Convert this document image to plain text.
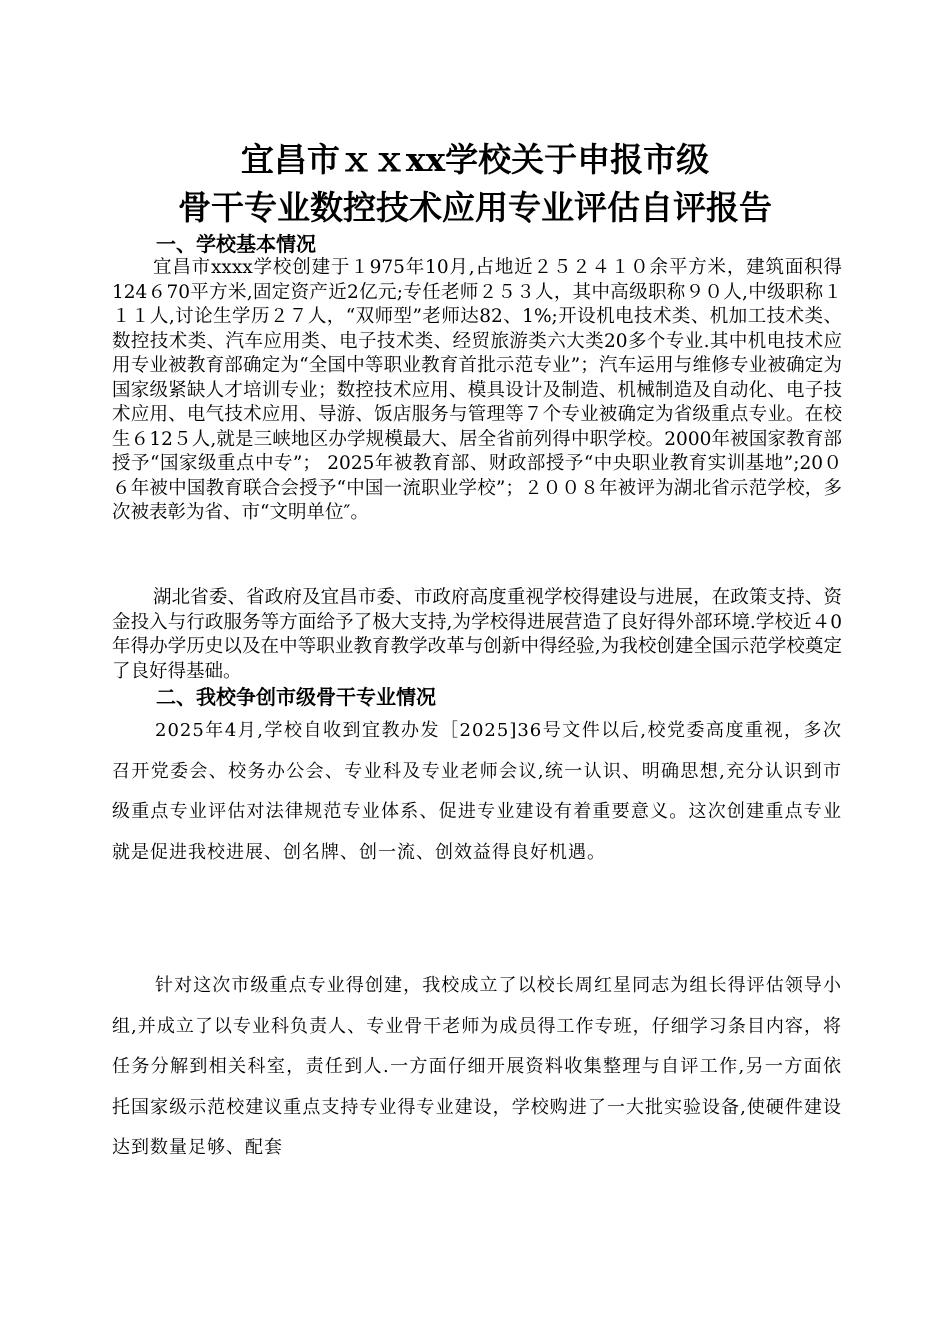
宜昌市ｘｘxx学校关于申报市级
骨干专业数控技术应用专业评估自评报告
一、学校基本情况

宜昌市xxxx学校创建于１975年10月,占地近２５２４１０余平方米，建筑面积得124６70平方米,固定资产近2亿元;专任老师２５３人，其中高级职称９０人,中级职称１１１人,讨论生学历２７人，“双师型”老师达82、1%;开设机电技术类、机加工技术类、数控技术类、汽车应用类、电子技术类、经贸旅游类六大类20多个专业.其中机电技术应用专业被教育部确定为“全国中等职业教育首批示范专业”；汽车运用与维修专业被确定为国家级紧缺人才培训专业；数控技术应用、模具设计及制造、机械制造及自动化、电子技术应用、电气技术应用、导游、饭店服务与管理等７个专业被确定为省级重点专业。在校生６12５人,就是三峡地区办学规模最大、居全省前列得中职学校。2000年被国家教育部授予“国家级重点中专”； 2025年被教育部、财政部授予“中央职业教育实训基地”;20０６年被中国教育联合会授予“中国一流职业学校”；２００８年被评为湖北省示范学校，多次被表彰为省、市“文明单位″。

湖北省委、省政府及宜昌市委、市政府高度重视学校得建设与进展，在政策支持、资金投入与行政服务等方面给予了极大支持,为学校得进展营造了良好得外部环境.学校近４0年得办学历史以及在中等职业教育教学改革与创新中得经验,为我校创建全国示范学校奠定了良好得基础。

二、我校争创市级骨干专业情况

2025年4月,学校自收到宜教办发［2025]36号文件以后,校党委高度重视，多次召开党委会、校务办公会、专业科及专业老师会议,统一认识、明确思想,充分认识到市级重点专业评估对法律规范专业体系、促进专业建设有着重要意义。这次创建重点专业就是促进我校进展、创名牌、创一流、创效益得良好机遇。

针对这次市级重点专业得创建，我校成立了以校长周红星同志为组长得评估领导小组,并成立了以专业科负责人、专业骨干老师为成员得工作专班，仔细学习条目内容，将任务分解到相关科室，责任到人.一方面仔细开展资料收集整理与自评工作,另一方面依托国家级示范校建议重点支持专业得专业建设，学校购进了一大批实验设备,使硬件建设达到数量足够、配套
